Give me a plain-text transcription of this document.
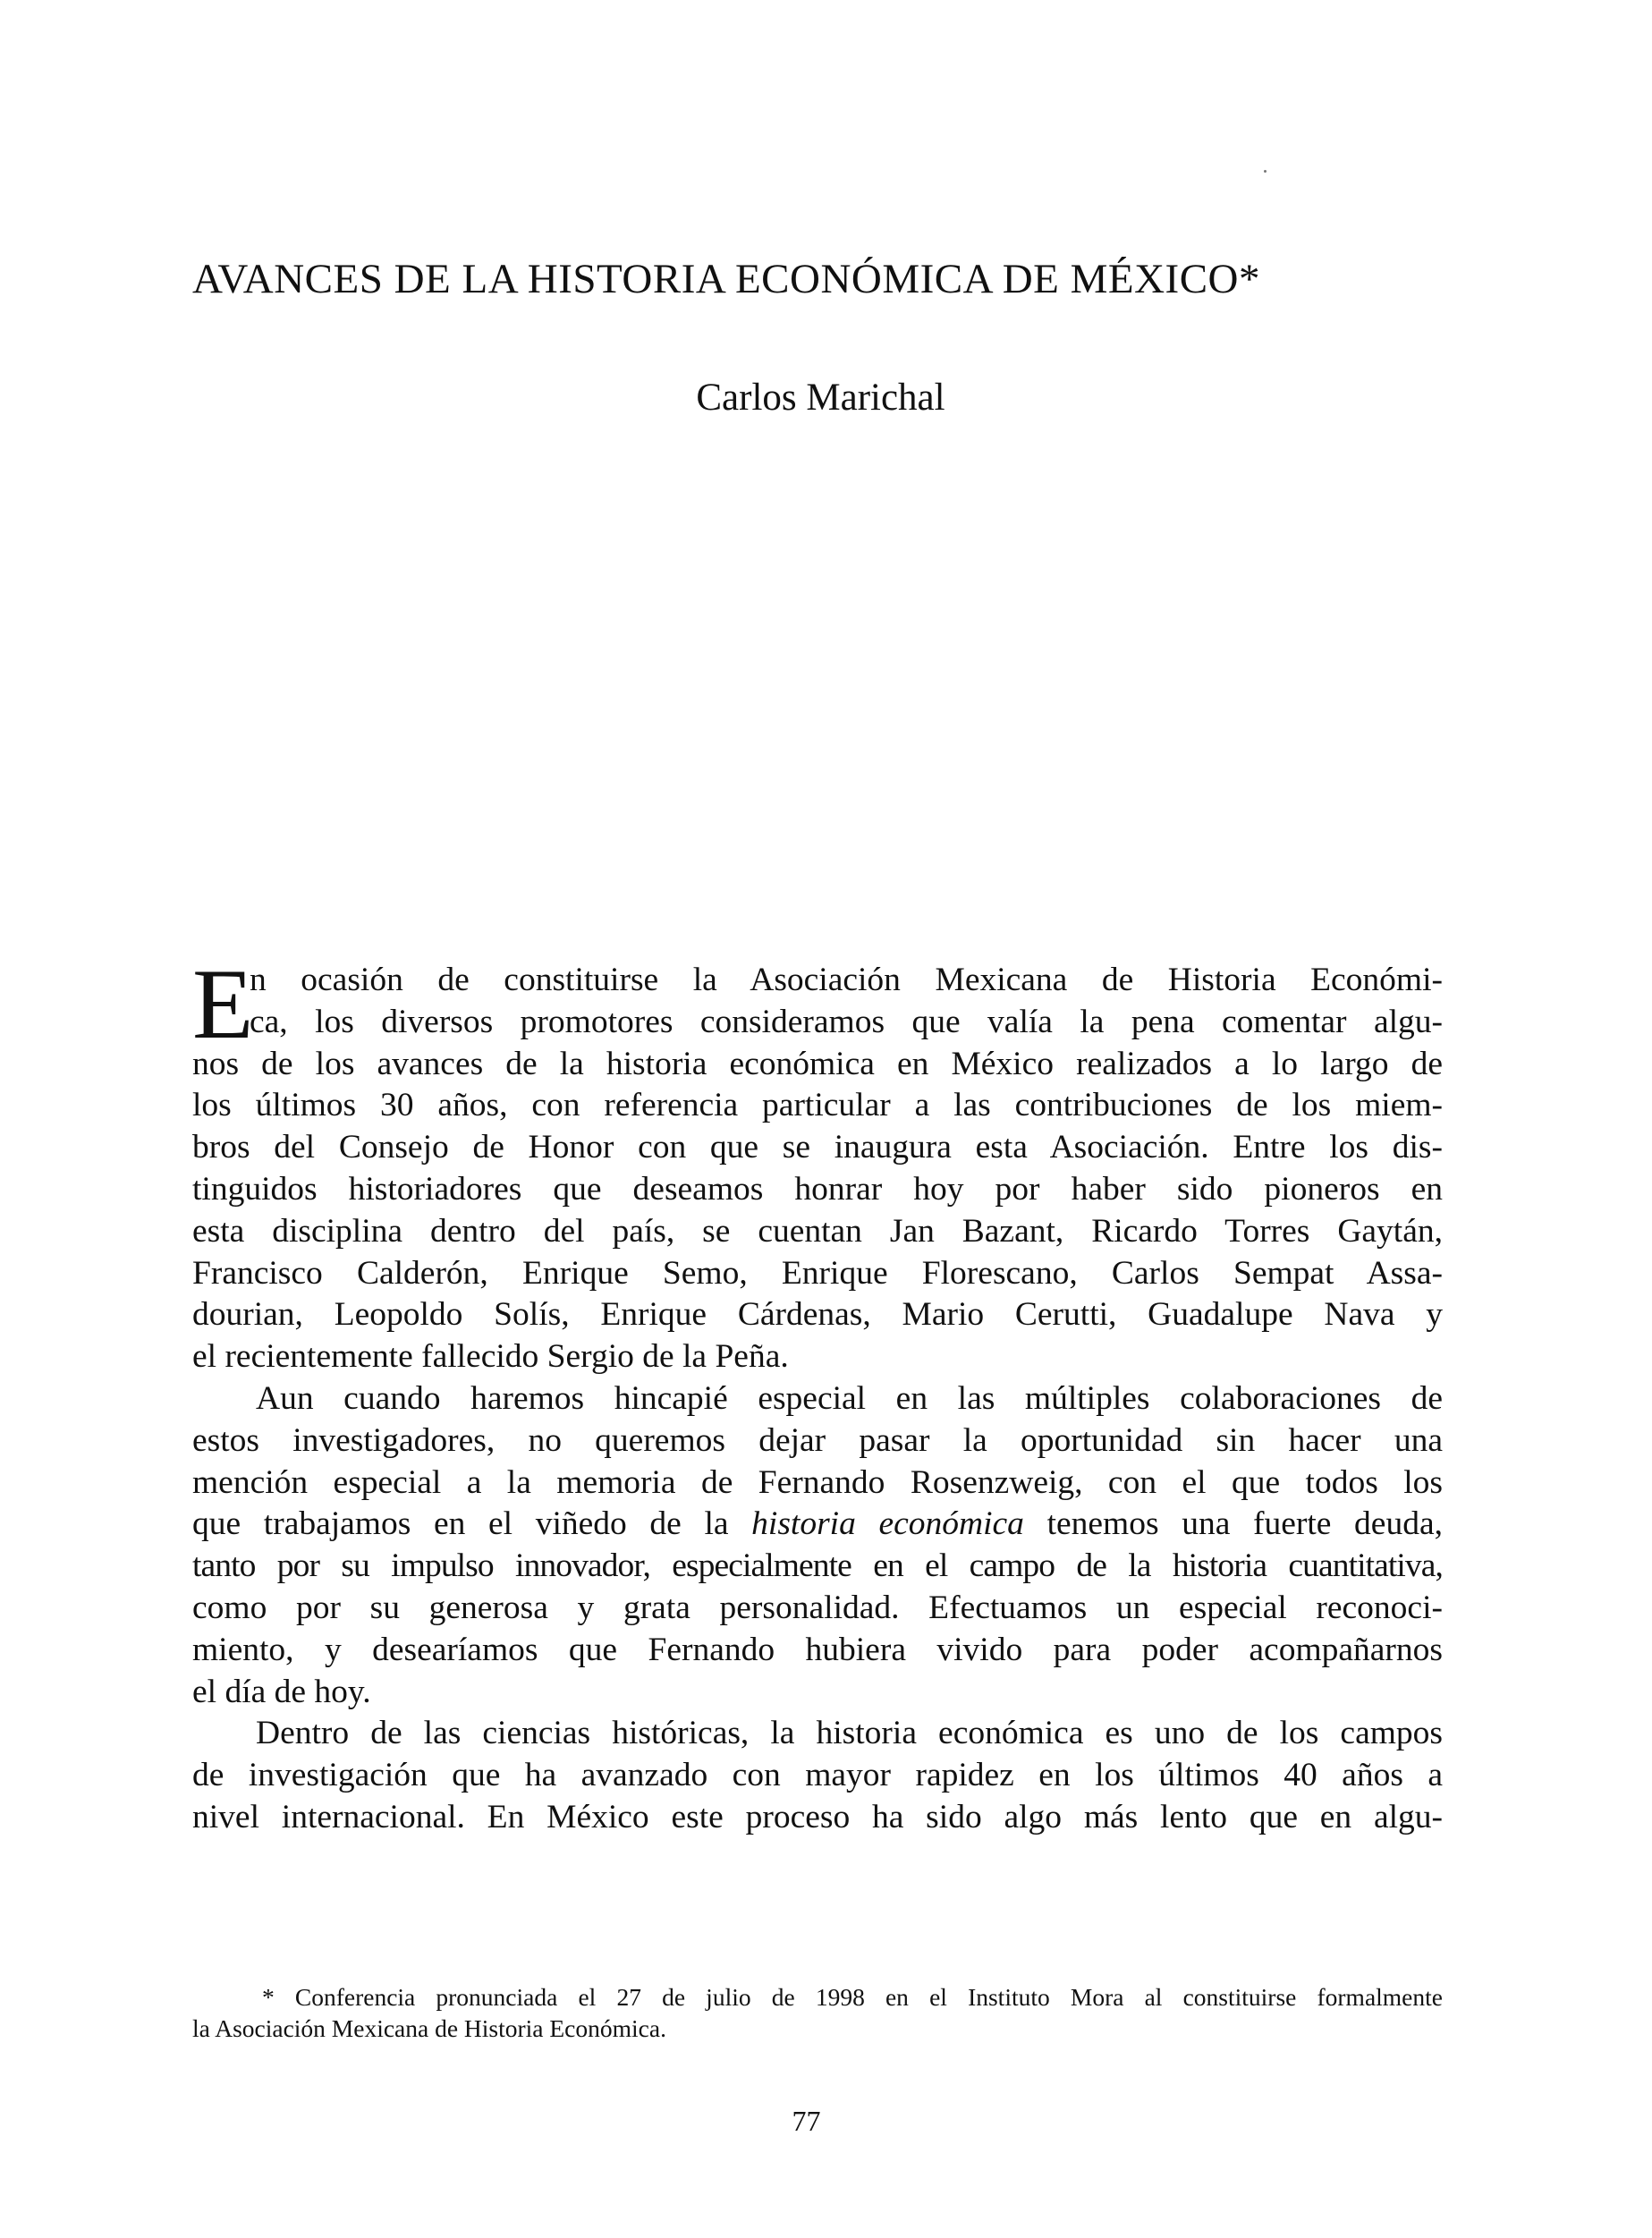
AVANCES DE LA HISTORIA ECONÓMICA DE MÉXICO*
Carlos Marichal
E
n ocasión de constituirse la Asociación Mexicana de Historia Económi-
ca, los diversos promotores consideramos que valía la pena comentar algu-
nos de los avances de la historia económica en México realizados a lo largo de
los últimos 30 años, con referencia particular a las contribuciones de los miem-
bros del Consejo de Honor con que se inaugura esta Asociación. Entre los dis-
tinguidos historiadores que deseamos honrar hoy por haber sido pioneros en
esta disciplina dentro del país, se cuentan Jan Bazant, Ricardo Torres Gaytán,
Francisco Calderón, Enrique Semo, Enrique Florescano, Carlos Sempat Assa-
dourian, Leopoldo Solís, Enrique Cárdenas, Mario Cerutti, Guadalupe Nava y
el recientemente fallecido Sergio de la Peña.
Aun cuando haremos hincapié especial en las múltiples colaboraciones de
estos investigadores, no queremos dejar pasar la oportunidad sin hacer una
mención especial a la memoria de Fernando Rosenzweig, con el que todos los
que trabajamos en el viñedo de la historia económica tenemos una fuerte deuda,
tanto por su impulso innovador, especialmente en el campo de la historia cuantitativa,
como por su generosa y grata personalidad. Efectuamos un especial reconoci-
miento, y desearíamos que Fernando hubiera vivido para poder acompañarnos
el día de hoy.
Dentro de las ciencias históricas, la historia económica es uno de los campos
de investigación que ha avanzado con mayor rapidez en los últimos 40 años a
nivel internacional. En México este proceso ha sido algo más lento que en algu-
* Conferencia pronunciada el 27 de julio de 1998 en el Instituto Mora al constituirse formalmente
la Asociación Mexicana de Historia Económica.
77
